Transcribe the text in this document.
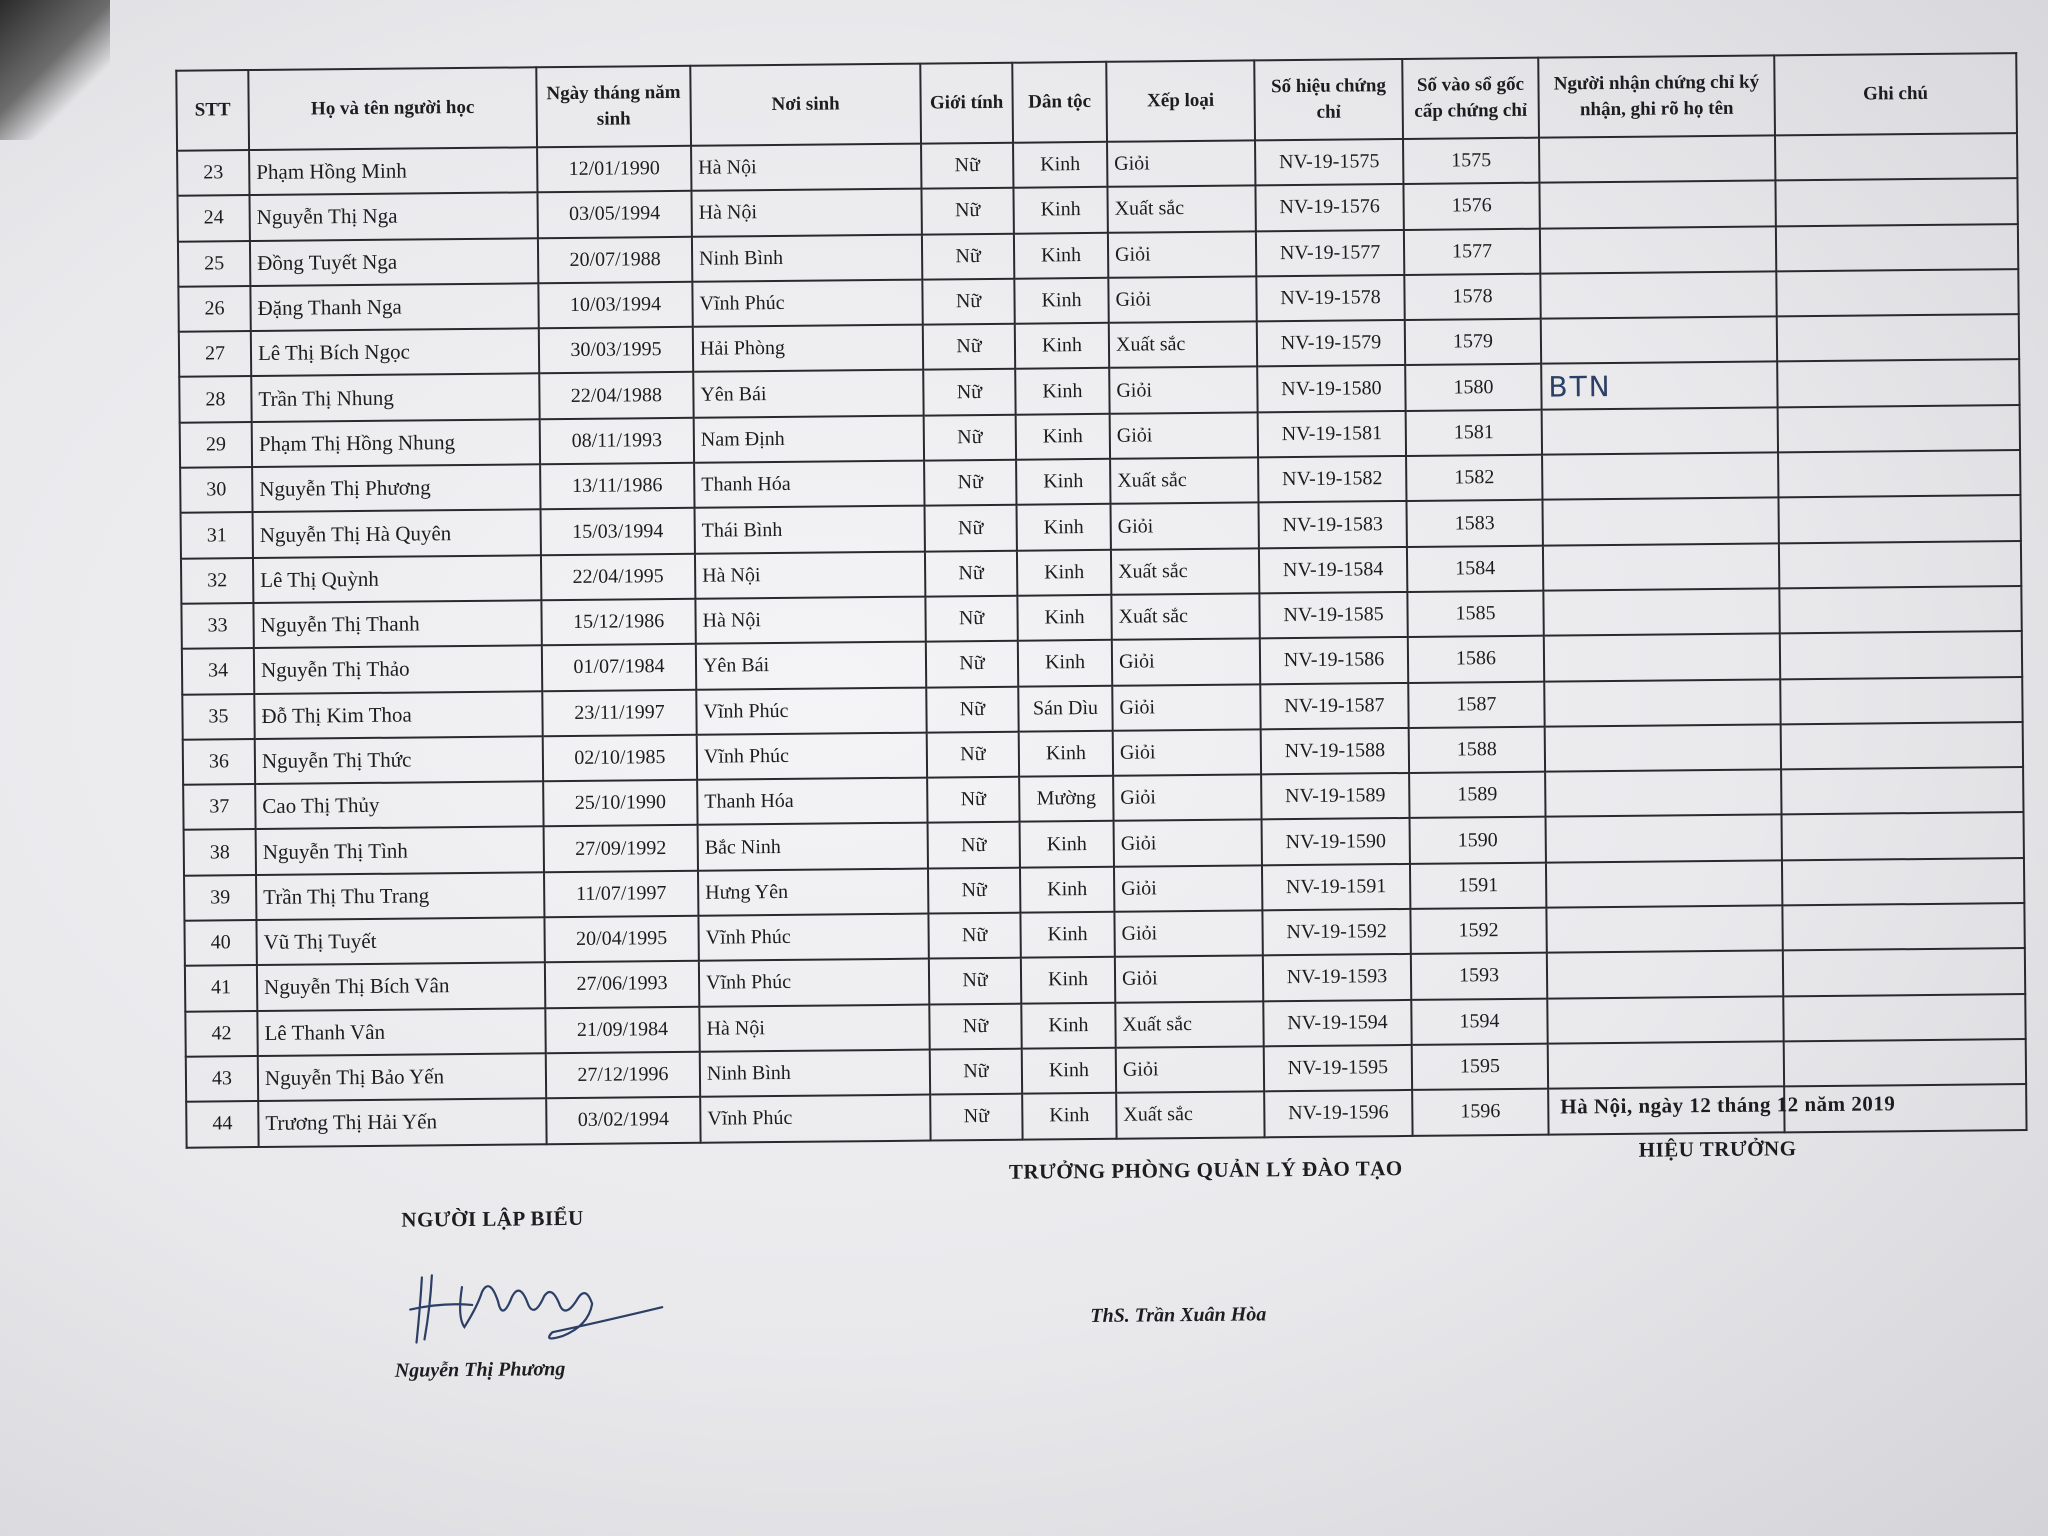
STT	Họ và tên người học	Ngày tháng năm sinh	Nơi sinh	Giới tính	Dân tộc	Xếp loại	Số hiệu chứng chỉ	Số vào sổ gốc cấp chứng chỉ	Người nhận chứng chỉ ký nhận, ghi rõ họ tên	Ghi chú
23	Phạm Hồng Minh	12/01/1990	Hà Nội	Nữ	Kinh	Giỏi	NV-19-1575	1575		
24	Nguyễn Thị Nga	03/05/1994	Hà Nội	Nữ	Kinh	Xuất sắc	NV-19-1576	1576		
25	Đồng Tuyết Nga	20/07/1988	Ninh Bình	Nữ	Kinh	Giỏi	NV-19-1577	1577		
26	Đặng Thanh Nga	10/03/1994	Vĩnh Phúc	Nữ	Kinh	Giỏi	NV-19-1578	1578		
27	Lê Thị Bích Ngọc	30/03/1995	Hải Phòng	Nữ	Kinh	Xuất sắc	NV-19-1579	1579		
28	Trần Thị Nhung	22/04/1988	Yên Bái	Nữ	Kinh	Giỏi	NV-19-1580	1580	BTN	
29	Phạm Thị Hồng Nhung	08/11/1993	Nam Định	Nữ	Kinh	Giỏi	NV-19-1581	1581		
30	Nguyễn Thị Phương	13/11/1986	Thanh Hóa	Nữ	Kinh	Xuất sắc	NV-19-1582	1582		
31	Nguyễn Thị Hà Quyên	15/03/1994	Thái Bình	Nữ	Kinh	Giỏi	NV-19-1583	1583		
32	Lê Thị Quỳnh	22/04/1995	Hà Nội	Nữ	Kinh	Xuất sắc	NV-19-1584	1584		
33	Nguyễn Thị Thanh	15/12/1986	Hà Nội	Nữ	Kinh	Xuất sắc	NV-19-1585	1585		
34	Nguyễn Thị Thảo	01/07/1984	Yên Bái	Nữ	Kinh	Giỏi	NV-19-1586	1586		
35	Đỗ Thị Kim Thoa	23/11/1997	Vĩnh Phúc	Nữ	Sán Dìu	Giỏi	NV-19-1587	1587		
36	Nguyễn Thị Thức	02/10/1985	Vĩnh Phúc	Nữ	Kinh	Giỏi	NV-19-1588	1588		
37	Cao Thị Thủy	25/10/1990	Thanh Hóa	Nữ	Mường	Giỏi	NV-19-1589	1589		
38	Nguyễn Thị Tình	27/09/1992	Bắc Ninh	Nữ	Kinh	Giỏi	NV-19-1590	1590		
39	Trần Thị Thu Trang	11/07/1997	Hưng Yên	Nữ	Kinh	Giỏi	NV-19-1591	1591		
40	Vũ Thị Tuyết	20/04/1995	Vĩnh Phúc	Nữ	Kinh	Giỏi	NV-19-1592	1592		
41	Nguyễn Thị Bích Vân	27/06/1993	Vĩnh Phúc	Nữ	Kinh	Giỏi	NV-19-1593	1593		
42	Lê Thanh Vân	21/09/1984	Hà Nội	Nữ	Kinh	Xuất sắc	NV-19-1594	1594		
43	Nguyễn Thị Bảo Yến	27/12/1996	Ninh Bình	Nữ	Kinh	Giỏi	NV-19-1595	1595		
44	Trương Thị Hải Yến	03/02/1994	Vĩnh Phúc	Nữ	Kinh	Xuất sắc	NV-19-1596	1596			Hà Nội, ngày 12 tháng 12 năm 2019
HIỆU TRƯỞNG
TRƯỞNG PHÒNG QUẢN LÝ ĐÀO TẠO
NGƯỜI LẬP BIỂU
Nguyễn Thị Phương
ThS. Trần Xuân Hòa
